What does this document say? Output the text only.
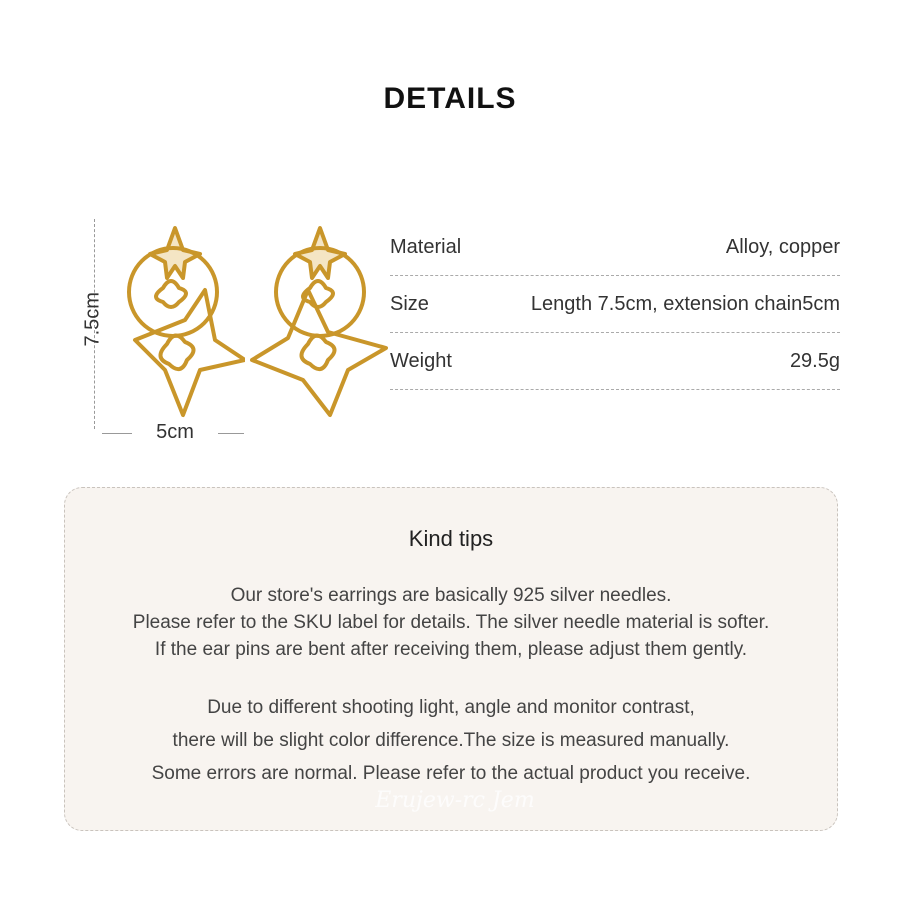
DETAILS
7.5cm
5cm
Material	Alloy, copper
Size	Length 7.5cm, extension chain5cm
Weight	29.5g
Kind tips
Our store's earrings are basically 925 silver needles.
Please refer to the SKU label for details. The silver needle material is softer.
If the ear pins are bent after receiving them, please adjust them gently.
Due to different shooting light, angle and monitor contrast,
there will be slight color difference.The size is measured manually.
Some errors are normal. Please refer to the actual product you receive.
Erujew-rc Jem
